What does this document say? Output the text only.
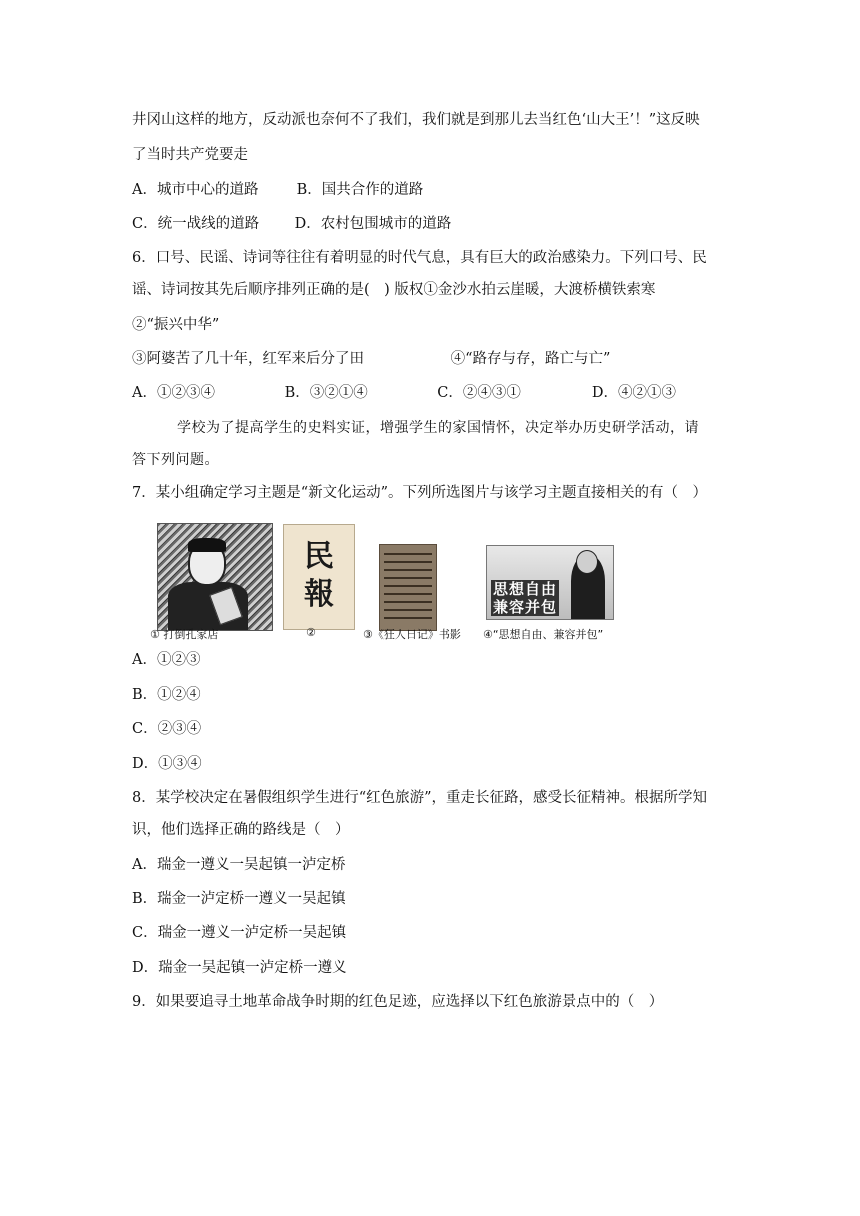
井冈山这样的地方，反动派也奈何不了我们，我们就是到那儿去当红色‘山大王’！”这反映
了当时共产党要走
A．城市中心的道路	B．国共合作的道路
C．统一战线的道路 D．农村包围城市的道路
6．口号、民谣、诗词等往往有着明显的时代气息，具有巨大的政治感染力。下列口号、民
谣、诗词按其先后顺序排列正确的是(　) 版权①金沙水拍云崖暖，大渡桥横铁索寒
②“振兴中华”
③阿婆苦了几十年，红军来后分了田	④“路存与存，路亡与亡”
A．①②③④	B．③②①④	C．②④③①	D．④②①③
学校为了提高学生的史料实证，增强学生的家国情怀，决定举办历史研学活动，请
答下列问题。
7．某小组确定学习主题是“新文化运动”。下列所选图片与该学习主题直接相关的有（　）
民
報	思想自由
兼容并包
① 打倒孔家店	②	③《狂人日记》书影 ④“思想自由、兼容并包”
A．①②③
B．①②④
C．②③④
D．①③④
8．某学校决定在暑假组织学生进行“红色旅游”，重走长征路，感受长征精神。根据所学知
识，他们选择正确的路线是（　）
A．瑞金一遵义一吴起镇一泸定桥
B．瑞金一泸定桥一遵义一吴起镇
C．瑞金一遵义一泸定桥一吴起镇
D．瑞金一吴起镇一泸定桥一遵义
9．如果要追寻土地革命战争时期的红色足迹，应选择以下红色旅游景点中的（　）
